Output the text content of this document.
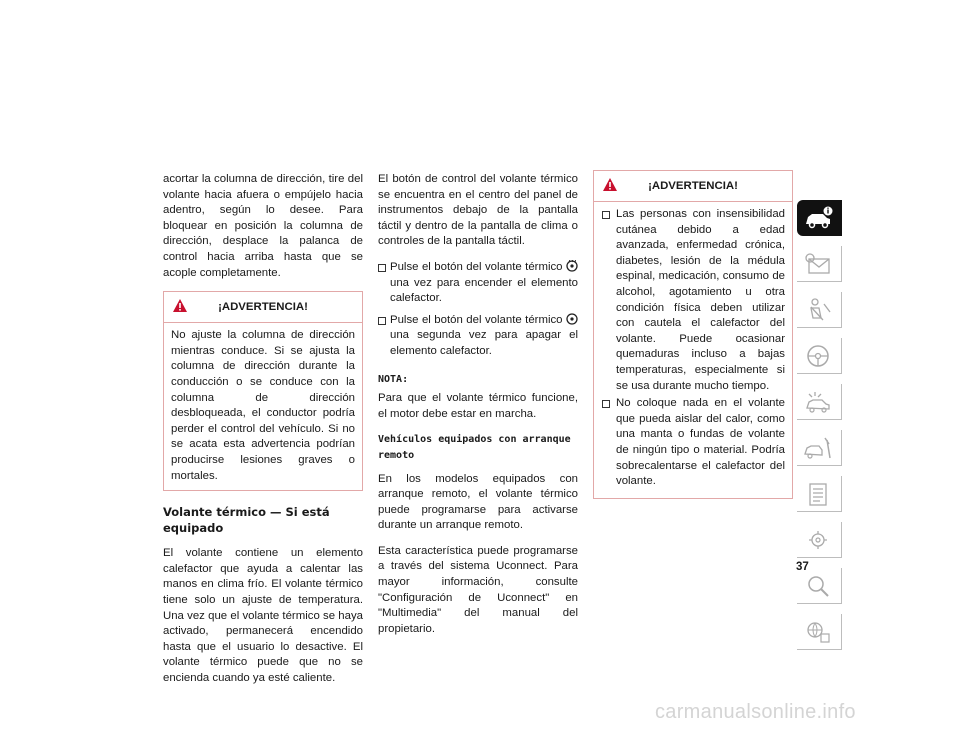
acortar la columna de dirección, tire del volante hacia afuera o empújelo hacia adentro, según lo desee. Para bloquear en posición la columna de dirección, desplace la palanca de control hacia arriba hasta que se acople completamente.

¡ADVERTENCIA!
No ajuste la columna de dirección mientras conduce. Si se ajusta la columna de dirección durante la conducción o se conduce con la columna de dirección desbloqueada, el conductor podría perder el control del vehículo. Si no se acata esta advertencia podrían producirse lesiones graves o mortales.
Volante térmico — Si está equipado

El volante contiene un elemento calefactor que ayuda a calentar las manos en clima frío. El volante térmico tiene solo un ajuste de temperatura. Una vez que el volante térmico se haya activado, permanecerá encendido hasta que el usuario lo desactive. El volante térmico puede que no se encienda cuando ya esté caliente.

El botón de control del volante térmico se encuentra en el centro del panel de instrumentos debajo de la pantalla táctil y dentro de la pantalla de clima o controles de la pantalla táctil.

Pulse el botón del volante térmico  una vez para encender el elemento calefactor.
Pulse el botón del volante térmico  una segunda vez para apagar el elemento calefactor.
NOTA:

Para que el volante térmico funcione, el motor debe estar en marcha.

Vehículos equipados con arranque remoto

En los modelos equipados con arranque remoto, el volante térmico puede programarse para activarse durante un arranque remoto.

Esta característica puede programarse a través del sistema Uconnect. Para mayor información, consulte "Configuración de Uconnect" en "Multimedia" del manual del propietario.

¡ADVERTENCIA!
Las personas con insensibilidad cutánea debido a edad avanzada, enfermedad crónica, diabetes, lesión de la médula espinal, medicación, consumo de alcohol, agotamiento u otra condición física deben utilizar con cautela el calefactor del volante. Puede ocasionar quemaduras incluso a bajas temperaturas, especialmente si se usa durante mucho tiempo.
No coloque nada en el volante que pueda aislar del calor, como una manta o fundas de volante de ningún tipo o material. Podría sobrecalentarse el calefactor del volante.
37
carmanualsonline.info
